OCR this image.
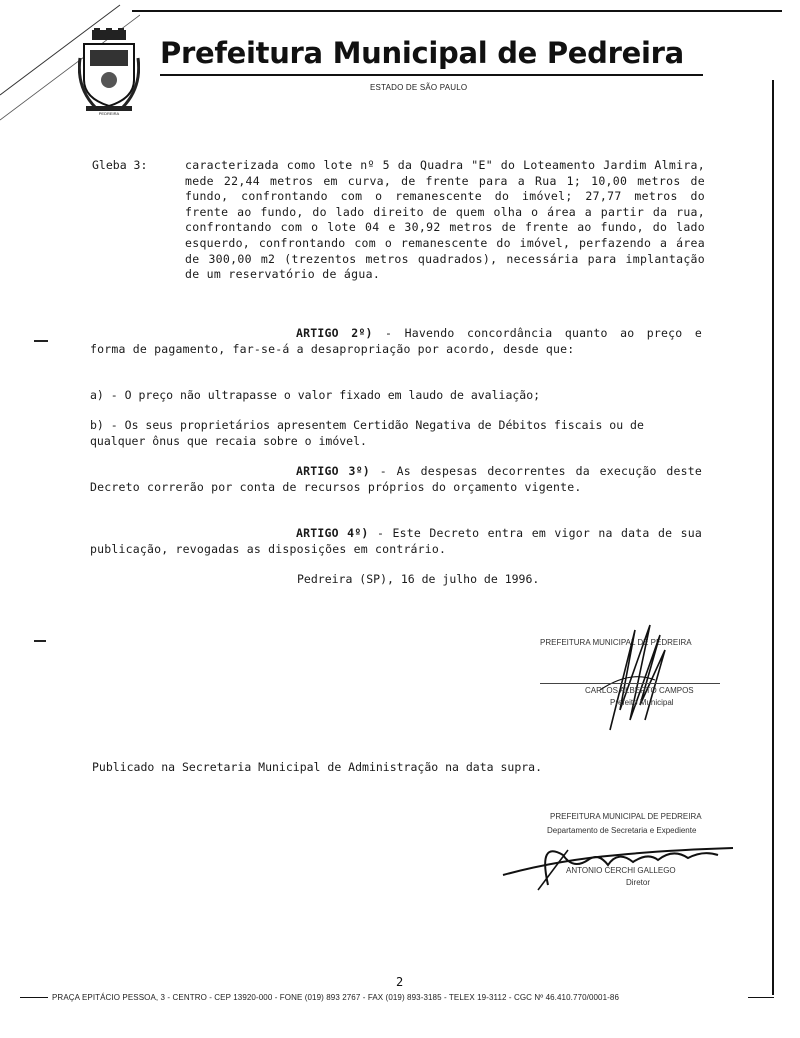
PEDREIRA
Prefeitura Municipal de Pedreira
ESTADO DE SÃO PAULO
Gleba 3:	caracterizada como lote nº 5 da Quadra "E" do Loteamento Jardim Almira, mede 22,44 metros em curva, de frente para a Rua 1; 10,00 metros de fundo, confrontando com o remanescente do imóvel; 27,77 metros do frente ao fundo, do lado direito de quem olha o área a partir da rua, confrontando com o lote 04 e 30,92 metros de frente ao fundo, do lado esquerdo, confrontando com o remanescente do imóvel, perfazendo a área de 300,00 m2 (trezentos metros quadrados), necessária para implantação de um reservatório de água.
ARTIGO 2º) - Havendo concordância quanto ao preço e forma de pagamento, far-se-á a desapropriação por acordo, desde que:
a) - O preço não ultrapasse o valor fixado em laudo de avaliação;
b) - Os seus proprietários apresentem Certidão Negativa de Débitos fiscais ou de qualquer ônus que recaia sobre o imóvel.
ARTIGO 3º) - As despesas decorrentes da execução deste Decreto correrão por conta de recursos próprios do orçamento vigente.
ARTIGO 4º) - Este Decreto entra em vigor na data de sua publicação, revogadas as disposições em contrário.
Pedreira (SP), 16 de julho de 1996.
PREFEITURA MUNICIPAL DE PEDREIRA
CARLOS ALBERTO CAMPOS
Prefeito Municipal
Publicado na Secretaria Municipal de Administração na data supra.
PREFEITURA MUNICIPAL DE PEDREIRA
Departamento de Secretaria e Expediente
ANTONIO CERCHI GALLEGO
Diretor
2
PRAÇA EPITÁCIO PESSOA, 3 - CENTRO - CEP 13920-000 - FONE (019) 893 2767 - FAX (019) 893-3185 - TELEX 19-3112 - CGC Nº 46.410.770/0001-86
